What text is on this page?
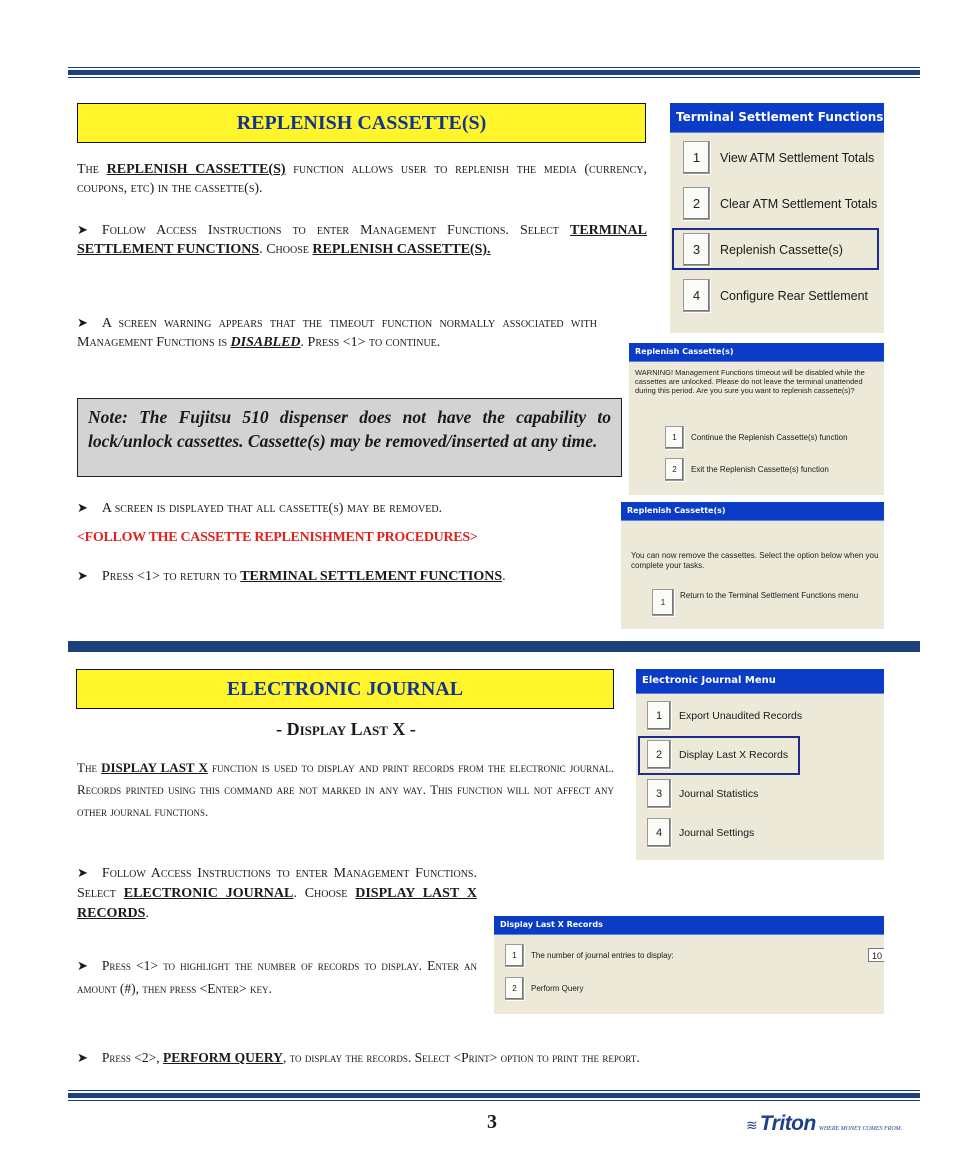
REPLENISH CASSETTE(S)
The REPLENISH CASSETTE(S) function allows user to replenish the media (currency, coupons, etc) in the cassette(s).
➤ Follow Access Instructions to enter Management Functions. Select TERMINAL SETTLEMENT FUNCTIONS. Choose REPLENISH CASSETTE(S).
➤ A screen warning appears that the timeout function normally associated with Management Functions is DISABLED. Press <1> to continue.
Note: The Fujitsu 510 dispenser does not have the capability to lock/unlock cassettes. Cassette(s) may be removed/inserted at any time.
➤ A screen is displayed that all cassette(s) may be removed.
<FOLLOW THE CASSETTE REPLENISHMENT PROCEDURES>
➤ Press <1> to return to TERMINAL SETTLEMENT FUNCTIONS.
Terminal Settlement Functions
1	View ATM Settlement Totals
2	Clear ATM Settlement Totals
3	Replenish Cassette(s)
4	Configure Rear Settlement
Replenish Cassette(s)
WARNING! Management Functions timeout will be disabled while the cassettes are unlocked. Please do not leave the terminal unattended during this period. Are you sure you want to replenish cassette(s)?
1	Continue the Replenish Cassette(s) function
2	Exit the Replenish Cassette(s) function
Replenish Cassette(s)
You can now remove the cassettes. Select the option below when you complete your tasks.
1
Return to the Terminal Settlement Functions menu
ELECTRONIC JOURNAL
- Display Last X -
The DISPLAY LAST X function is used to display and print records from the electronic journal. Records printed using this command are not marked in any way. This function will not affect any other journal functions.
➤ Follow Access Instructions to enter Management Functions. Select ELECTRONIC JOURNAL. Choose DISPLAY LAST X RECORDS.
➤ Press <1> to highlight the number of records to display. Enter an amount (#), then press <Enter> key.
➤ Press <2>, PERFORM QUERY, to display the records. Select <Print> option to print the report.
Electronic Journal Menu
1	Export Unaudited Records
2	Display Last X Records
3	Journal Statistics
4	Journal Settings
Display Last X Records
1	The number of journal entries to display:	10
2	Perform Query
3	≋ Triton WHERE MONEY COMES FROM.
